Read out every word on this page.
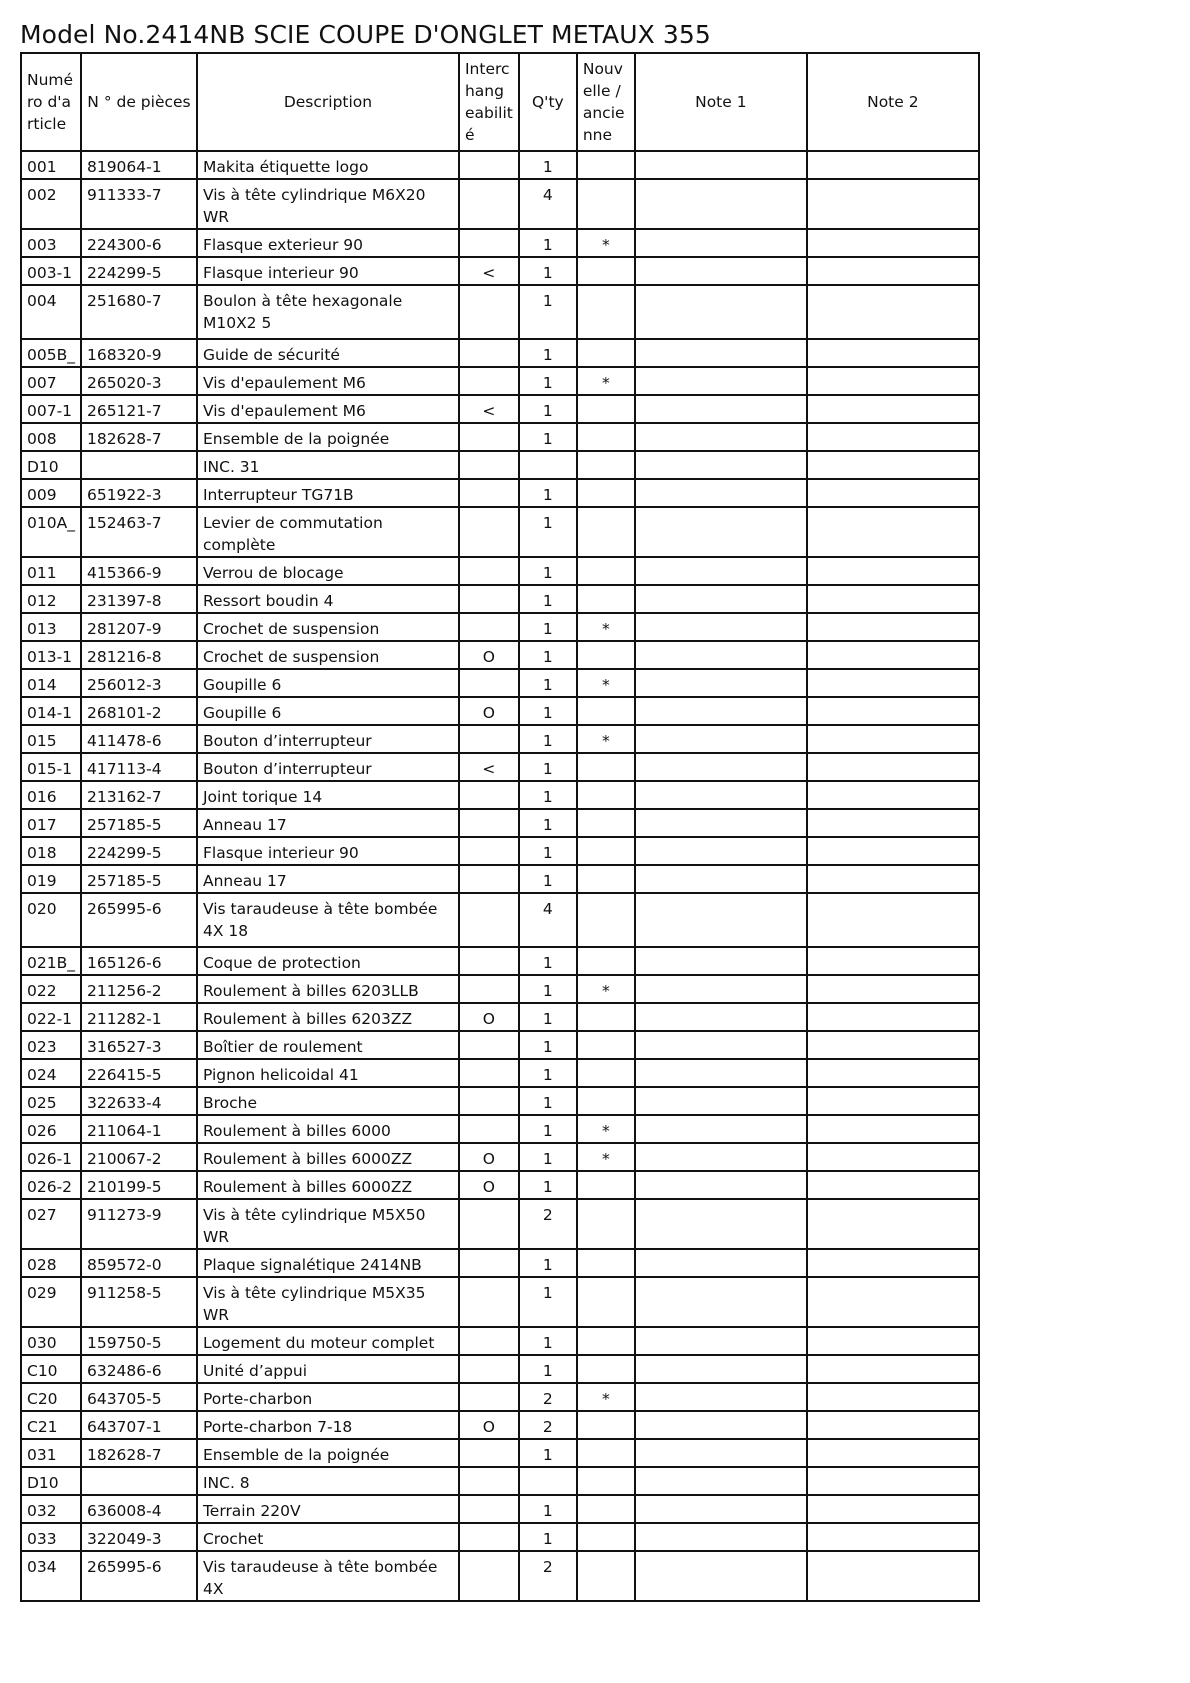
Model No.2414NB SCIE COUPE D'ONGLET METAUX 355
Numé ro d'a rticle	N ° de pièces	Description	Interc hang eabilit é	Q'ty	Nouv elle / ancie nne	Note 1	Note 2
001	819064-1	Makita étiquette logo		1			
002	911333-7	Vis à tête cylindrique M6X20 WR		4			
003	224300-6	Flasque exterieur 90		1	*		
003-1	224299-5	Flasque interieur 90	<	1			
004	251680-7	Boulon à tête hexagonale M10X2 5		1			
005B_	168320-9	Guide de sécurité		1			
007	265020-3	Vis d'epaulement M6		1	*		
007-1	265121-7	Vis d'epaulement M6	<	1			
008	182628-7	Ensemble de la poignée		1			
D10		INC. 31					
009	651922-3	Interrupteur TG71B		1			
010A_	152463-7	Levier de commutation complète		1			
011	415366-9	Verrou de blocage		1			
012	231397-8	Ressort boudin 4		1			
013	281207-9	Crochet de suspension		1	*		
013-1	281216-8	Crochet de suspension	O	1			
014	256012-3	Goupille 6		1	*		
014-1	268101-2	Goupille 6	O	1			
015	411478-6	Bouton d’interrupteur		1	*		
015-1	417113-4	Bouton d’interrupteur	<	1			
016	213162-7	Joint torique 14		1			
017	257185-5	Anneau 17		1			
018	224299-5	Flasque interieur 90		1			
019	257185-5	Anneau 17		1			
020	265995-6	Vis taraudeuse à tête bombée 4X 18		4			
021B_	165126-6	Coque de protection		1			
022	211256-2	Roulement à billes 6203LLB		1	*		
022-1	211282-1	Roulement à billes 6203ZZ	O	1			
023	316527-3	Boîtier de roulement		1			
024	226415-5	Pignon helicoidal 41		1			
025	322633-4	Broche		1			
026	211064-1	Roulement à billes 6000		1	*		
026-1	210067-2	Roulement à billes 6000ZZ	O	1	*		
026-2	210199-5	Roulement à billes 6000ZZ	O	1			
027	911273-9	Vis à tête cylindrique M5X50 WR		2			
028	859572-0	Plaque signalétique 2414NB		1			
029	911258-5	Vis à tête cylindrique M5X35 WR		1			
030	159750-5	Logement du moteur complet		1			
C10	632486-6	Unité d’appui		1			
C20	643705-5	Porte-charbon		2	*		
C21	643707-1	Porte-charbon 7-18	O	2			
031	182628-7	Ensemble de la poignée		1			
D10		INC. 8					
032	636008-4	Terrain 220V		1			
033	322049-3	Crochet		1			
034	265995-6	Vis taraudeuse à tête bombée 4X		2			
